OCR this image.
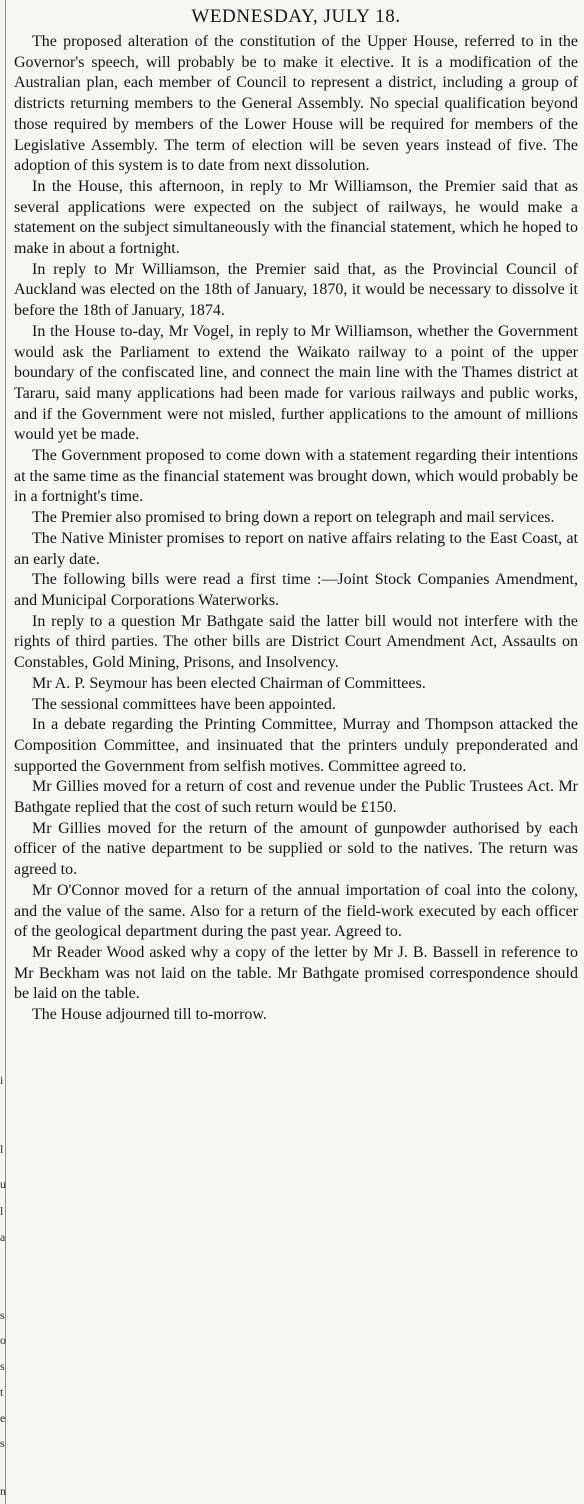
i
l
u
l
a
s
o
s
t
e
s
n
WEDNESDAY, JULY 18.

The proposed alteration of the constitution of the Upper House, referred to in the Governor's speech, will probably be to make it elective. It is a modification of the Australian plan, each member of Council to represent a district, including a group of districts returning members to the General Assembly. No special qualification beyond those required by members of the Lower House will be required for members of the Legislative Assembly. The term of election will be seven years instead of five. The adoption of this system is to date from next dissolution.

In the House, this afternoon, in reply to Mr Williamson, the Premier said that as several applications were expected on the subject of railways, he would make a statement on the subject simultaneously with the financial statement, which he hoped to make in about a fortnight.

In reply to Mr Williamson, the Premier said that, as the Provincial Council of Auckland was elected on the 18th of January, 1870, it would be necessary to dissolve it before the 18th of January, 1874.

In the House to-day, Mr Vogel, in reply to Mr Williamson, whether the Government would ask the Parliament to extend the Waikato railway to a point of the upper boundary of the confiscated line, and connect the main line with the Thames district at Tararu, said many applications had been made for various railways and public works, and if the Government were not misled, further applications to the amount of millions would yet be made.

The Government proposed to come down with a statement regarding their intentions at the same time as the financial statement was brought down, which would probably be in a fortnight's time.

The Premier also promised to bring down a report on telegraph and mail services.

The Native Minister promises to report on native affairs relating to the East Coast, at an early date.

The following bills were read a first time :—Joint Stock Companies Amendment, and Municipal Corporations Waterworks.

In reply to a question Mr Bathgate said the latter bill would not interfere with the rights of third parties. The other bills are District Court Amendment Act, Assaults on Constables, Gold Mining, Prisons, and Insolvency.

Mr A. P. Seymour has been elected Chairman of Committees.

The sessional committees have been appointed.

In a debate regarding the Printing Committee, Murray and Thompson attacked the Composition Committee, and insinuated that the printers unduly preponderated and supported the Government from selfish motives. Committee agreed to.

Mr Gillies moved for a return of cost and revenue under the Public Trustees Act. Mr Bathgate replied that the cost of such return would be £150.

Mr Gillies moved for the return of the amount of gunpowder authorised by each officer of the native department to be supplied or sold to the natives. The return was agreed to.

Mr O'Connor moved for a return of the annual importation of coal into the colony, and the value of the same. Also for a return of the field-work executed by each officer of the geological department during the past year. Agreed to.

Mr Reader Wood asked why a copy of the letter by Mr J. B. Bassell in reference to Mr Beckham was not laid on the table. Mr Bathgate promised correspondence should be laid on the table.

The House adjourned till to-morrow.
